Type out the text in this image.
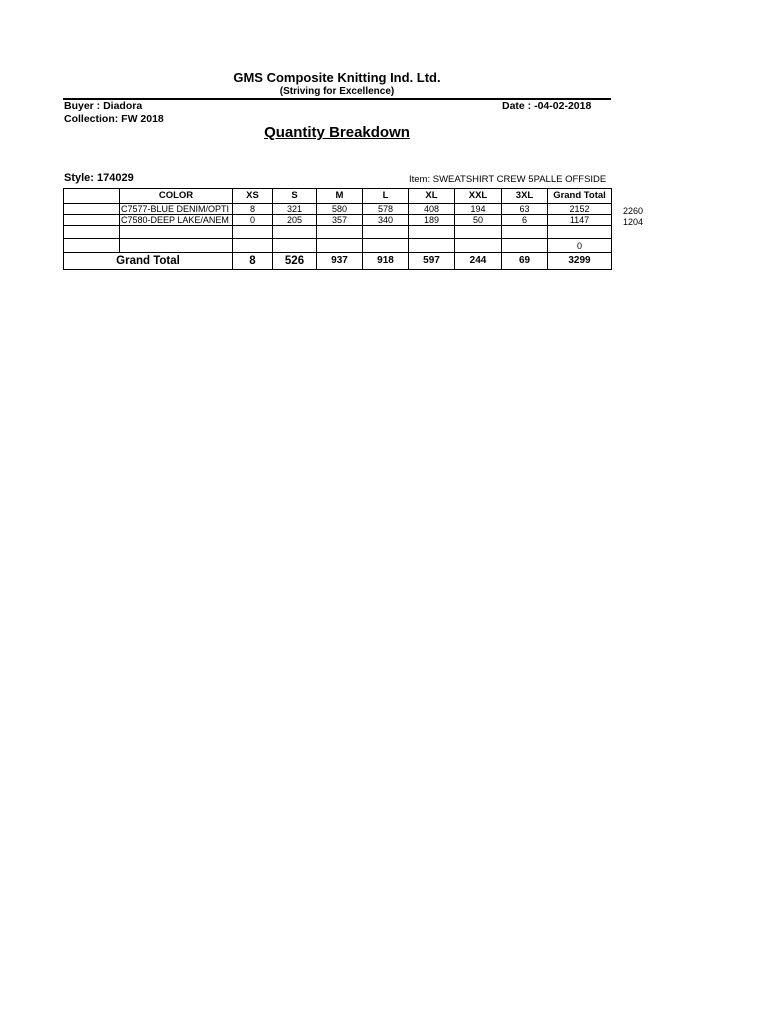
GMS Composite Knitting Ind. Ltd.
(Striving for Excellence)
Buyer : Diadora	Date : -04-02-2018
Collection: FW 2018
Quantity Breakdown
Style: 174029	Item: SWEATSHIRT CREW 5PALLE OFFSIDE
	COLOR	XS	S	M	L	XL	XXL	3XL	Grand Total
	C7577-BLUE DENIM/OPTI	8	321	580	578	408	194	63	2152
	C7580-DEEP LAKE/ANEM	0	205	357	340	189	50	6	1147

									0
Grand Total		8	526	937	918	597	244	69	3299
2260
1204
